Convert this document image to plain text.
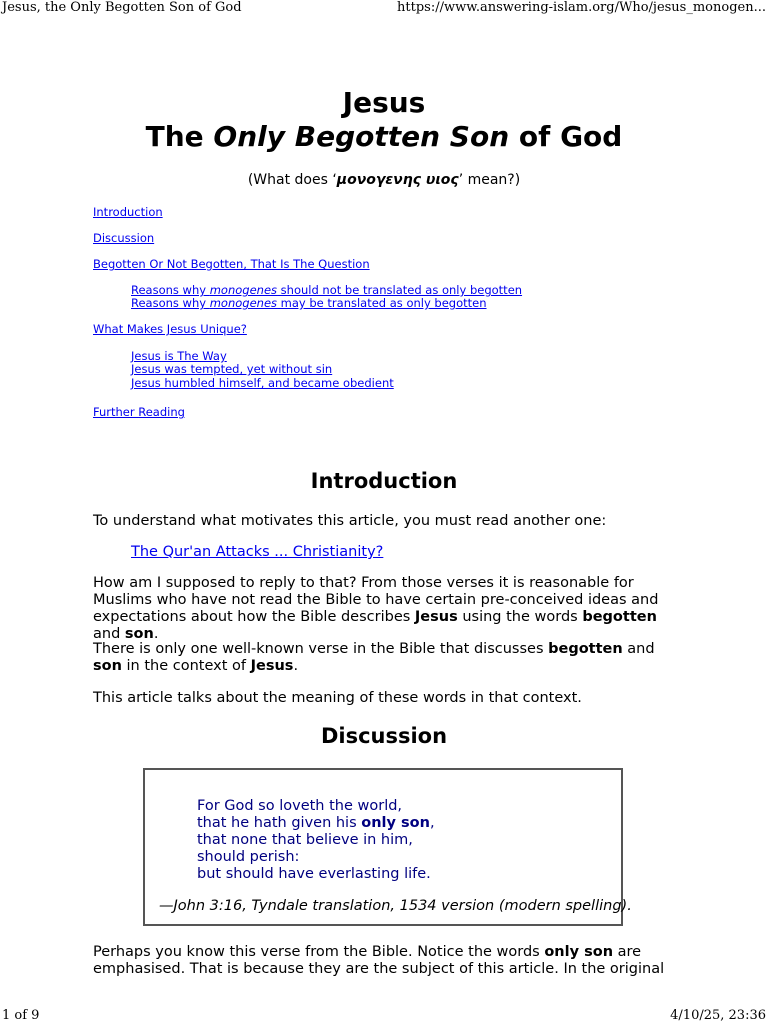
Jesus, the Only Begotten Son of God	https://www.answering-islam.org/Who/jesus_monogen...
Jesus
The Only Begotten Son of God

(What does ‘μονογενης υιος’ mean?)

Introduction
Discussion
Begotten Or Not Begotten, That Is The Question
Reasons why monogenes should not be translated as only begotten
Reasons why monogenes may be translated as only begotten
What Makes Jesus Unique?
Jesus is The Way
Jesus was tempted, yet without sin
Jesus humbled himself, and became obedient
Further Reading
Introduction

To understand what motivates this article, you must read another one:

The Qur'an Attacks ... Christianity?

How am I supposed to reply to that? From those verses it is reasonable for Muslims who have not read the Bible to have certain pre-conceived ideas and expectations about how the Bible describes Jesus using the words begotten and son.

There is only one well-known verse in the Bible that discusses begotten and son in the context of Jesus.

This article talks about the meaning of these words in that context.

Discussion
For God so loveth the world,
that he hath given his only son,
that none that believe in him,
should perish:
but should have everlasting life.

—John 3:16, Tyndale translation, 1534 version (modern spelling).

Perhaps you know this verse from the Bible. Notice the words only son are emphasised. That is because they are the subject of this article. In the original

1 of 9	4/10/25, 23:36
